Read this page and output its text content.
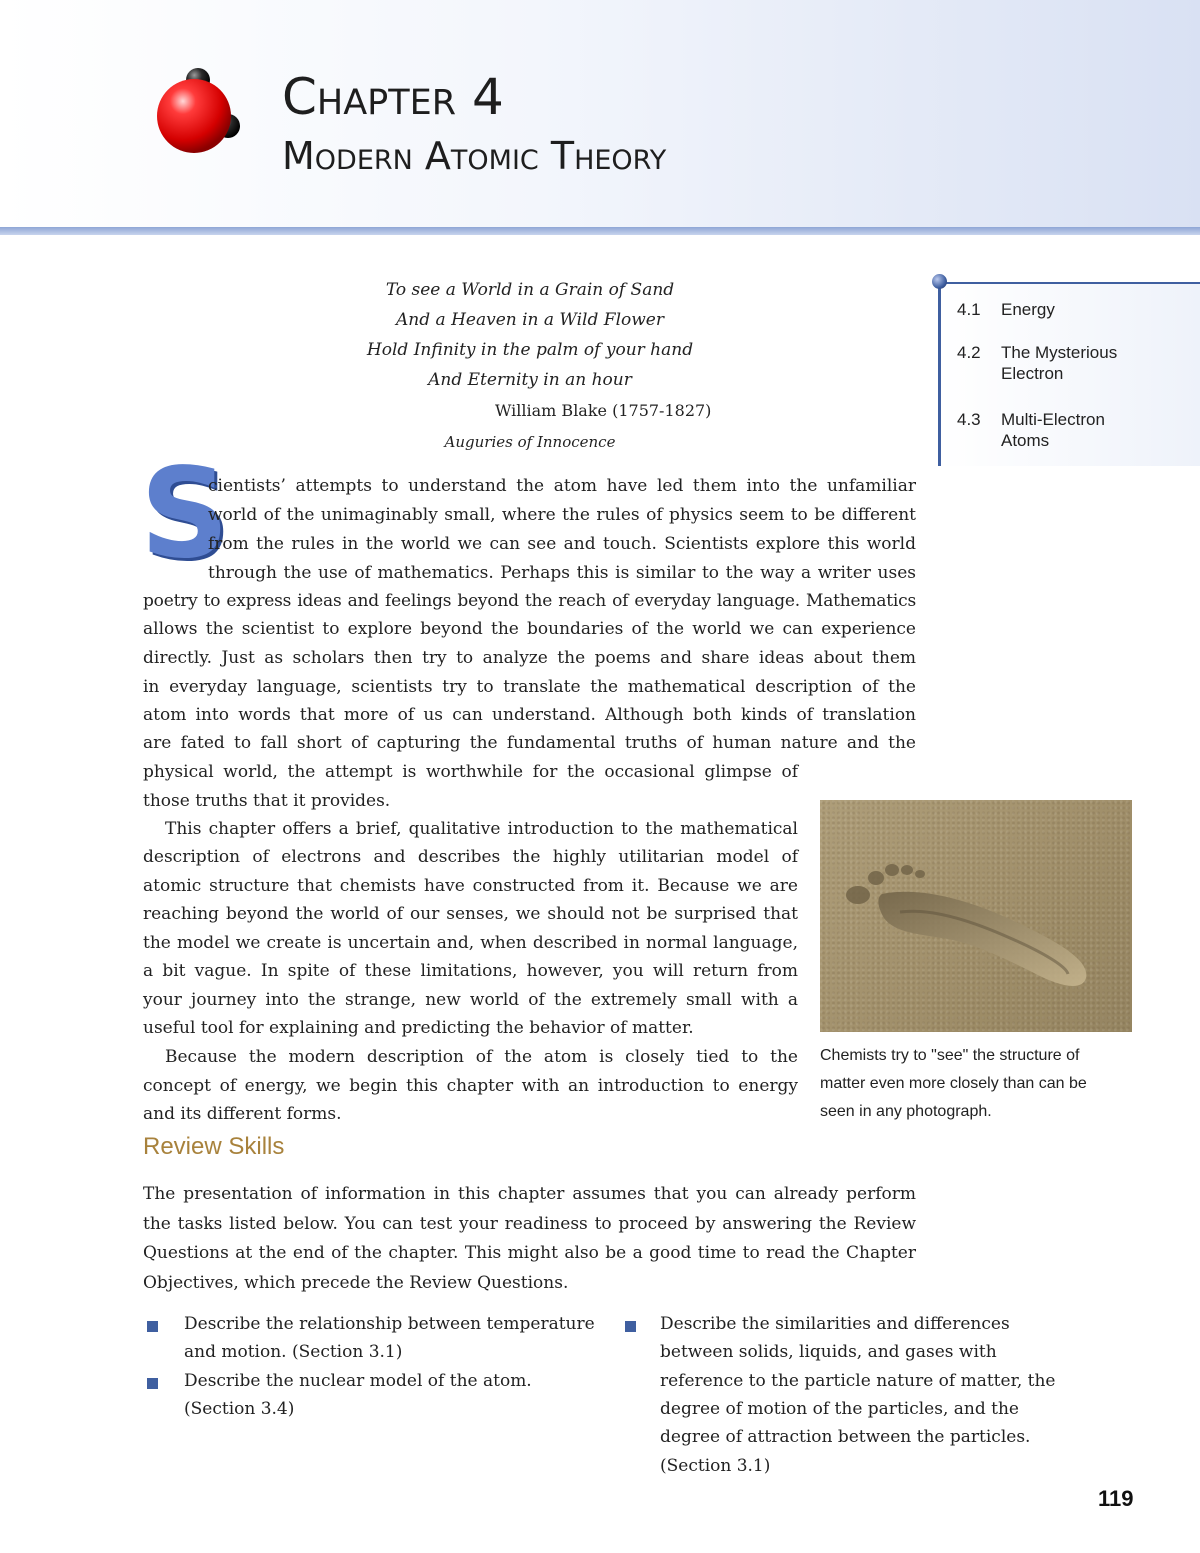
Chapter 4
Modern Atomic Theory
4.1	Energy
4.2	The Mysterious Electron
4.3	Multi-Electron Atoms
To see a World in a Grain of Sand
And a Heaven in a Wild Flower
Hold Infinity in the palm of your hand
And Eternity in an hour
William Blake (1757-1827)
Auguries of Innocence
S
cientists’ attempts to understand the atom have led them into the unfamiliar
world of the unimaginably small, where the rules of physics seem to be different
from the rules in the world we can see and touch. Scientists explore this world
through the use of mathematics. Perhaps this is similar to the way a writer uses
poetry to express ideas and feelings beyond the reach of everyday language. Mathematics
allows the scientist to explore beyond the boundaries of the world we can experience
directly. Just as scholars then try to analyze the poems and share ideas about them
in everyday language, scientists try to translate the mathematical description of the
atom into words that more of us can understand. Although both kinds of translation
are fated to fall short of capturing the fundamental truths of human nature and the
physical world, the attempt is worthwhile for the occasional glimpse of
those truths that it provides.
This chapter offers a brief, qualitative introduction to the mathematical
description of electrons and describes the highly utilitarian model of
atomic structure that chemists have constructed from it. Because we are
reaching beyond the world of our senses, we should not be surprised that
the model we create is uncertain and, when described in normal language,
a bit vague. In spite of these limitations, however, you will return from
your journey into the strange, new world of the extremely small with a
useful tool for explaining and predicting the behavior of matter.
Because the modern description of the atom is closely tied to the
concept of energy, we begin this chapter with an introduction to energy
and its different forms.
Chemists try to "see" the structure of
matter even more closely than can be
seen in any photograph.
Review Skills
The presentation of information in this chapter assumes that you can already perform
the tasks listed below. You can test your readiness to proceed by answering the Review
Questions at the end of the chapter. This might also be a good time to read the Chapter
Objectives, which precede the Review Questions.
Describe the relationship between temperature
and motion. (Section 3.1)
Describe the nuclear model of the atom.
(Section 3.4)
Describe the similarities and differences
between solids, liquids, and gases with
reference to the particle nature of matter, the
degree of motion of the particles, and the
degree of attraction between the particles.
(Section 3.1)
119
